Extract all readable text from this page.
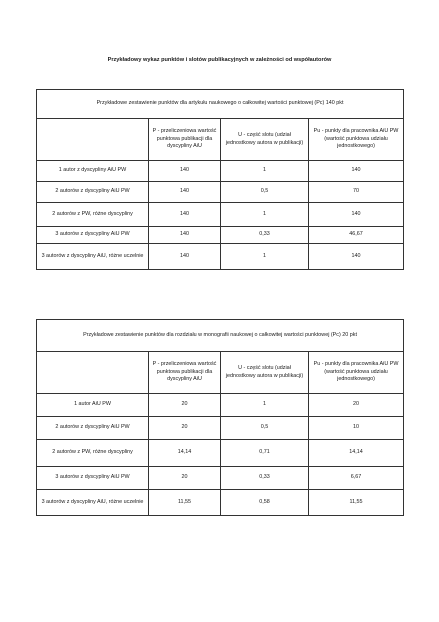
Przykładowy wykaz punktów i slotów publikacyjnych w zależności od współautorów
Przykładowe zestawienie punktów dla artykułu naukowego o całkowitej wartości punktowej (Pc) 140 pkt			
	P - przeliczeniowa wartość punktowa publikacji dla dyscypliny AiU	U - część slotu (udział jednostkowy autora w publikacji)	Pu - punkty dla pracownika AiU PW (wartość punktowa udziału jednostkowego)
1 autor z dyscypliny AiU PW	140	1	140
2 autorów z dyscypliny AiU PW	140	0,5	70
2 autorów z PW, różne dyscypliny	140	1	140
3 autorów z dyscypliny AiU PW	140	0,33	46,67
3 autorów z dyscypliny AiU, różne uczelnie	140	1	140
Przykładowe zestawienie punktów dla rozdziału w monografii naukowej o całkowitej wartości punktowej (Pc) 20 pkt			
	P - przeliczeniowa wartość punktowa publikacji dla dyscypliny AiU	U - część slotu (udział jednostkowy autora w publikacji)	Pu - punkty dla pracownika AiU PW (wartość punktowa udziału jednostkowego)
1 autor AiU PW	20	1	20
2 autorów z dyscypliny AiU PW	20	0,5	10
2 autorów z PW, różne dyscypliny	14,14	0,71	14,14
3 autorów z dyscypliny AiU PW	20	0,33	6,67
3 autorów z dyscypliny AiU, różne uczelnie	11,55	0,58	11,55
